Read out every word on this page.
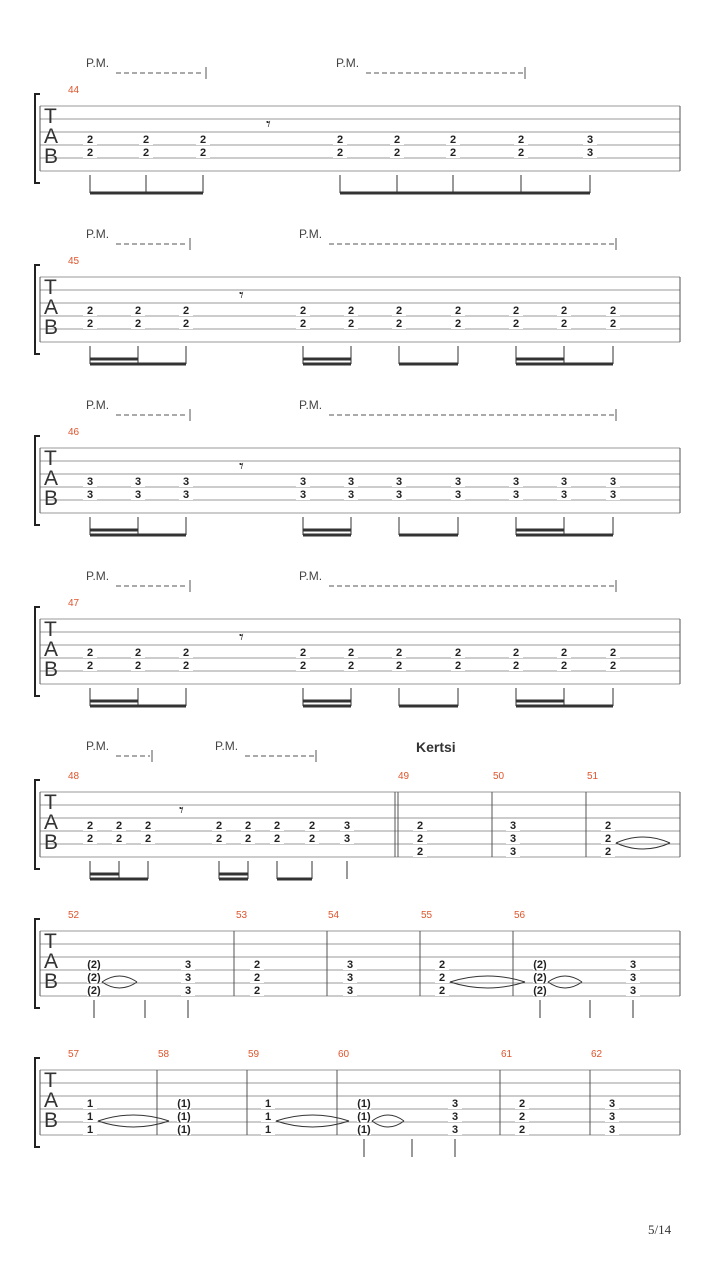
T
A
B
P.M.	P.M.
44
2
2
2
2
2
2
𝄾
2
2
2
2
2
2
2
2
3
3
T
A
B
P.M.	P.M.
45
2
2
2
2
2
2
𝄾
2
2
2
2
2
2
2
2
2
2
2
2
2
2
T
A
B
P.M.	P.M.
46
3
3
3
3
3
3
𝄾
3
3
3
3
3
3
3
3
3
3
3
3
3
3
T
A
B
P.M.	P.M.
47
2
2
2
2
2
2
𝄾
2
2
2
2
2
2
2
2
2
2
2
2
2
2
T
A
B
P.M.	P.M.
48
2
2
2
2
2
2
𝄾
2
2
2
2
2
2
2
2
3
3
49
2
2
2
50
3
3
3
51
2
2
2
T
A
B
52
(2)
(2)
(2)
3
3
3
53
2
2
2
54
3
3
3
55
2
2
2
56
(2)
(2)
(2)
3
3
3
T
A
B
57
1
1
1
58
(1)
(1)
(1)
59
1
1
1
60
(1)
(1)
(1)
3
3
3
61
2
2
2
62
3
3
3
Kertsi
5/14
